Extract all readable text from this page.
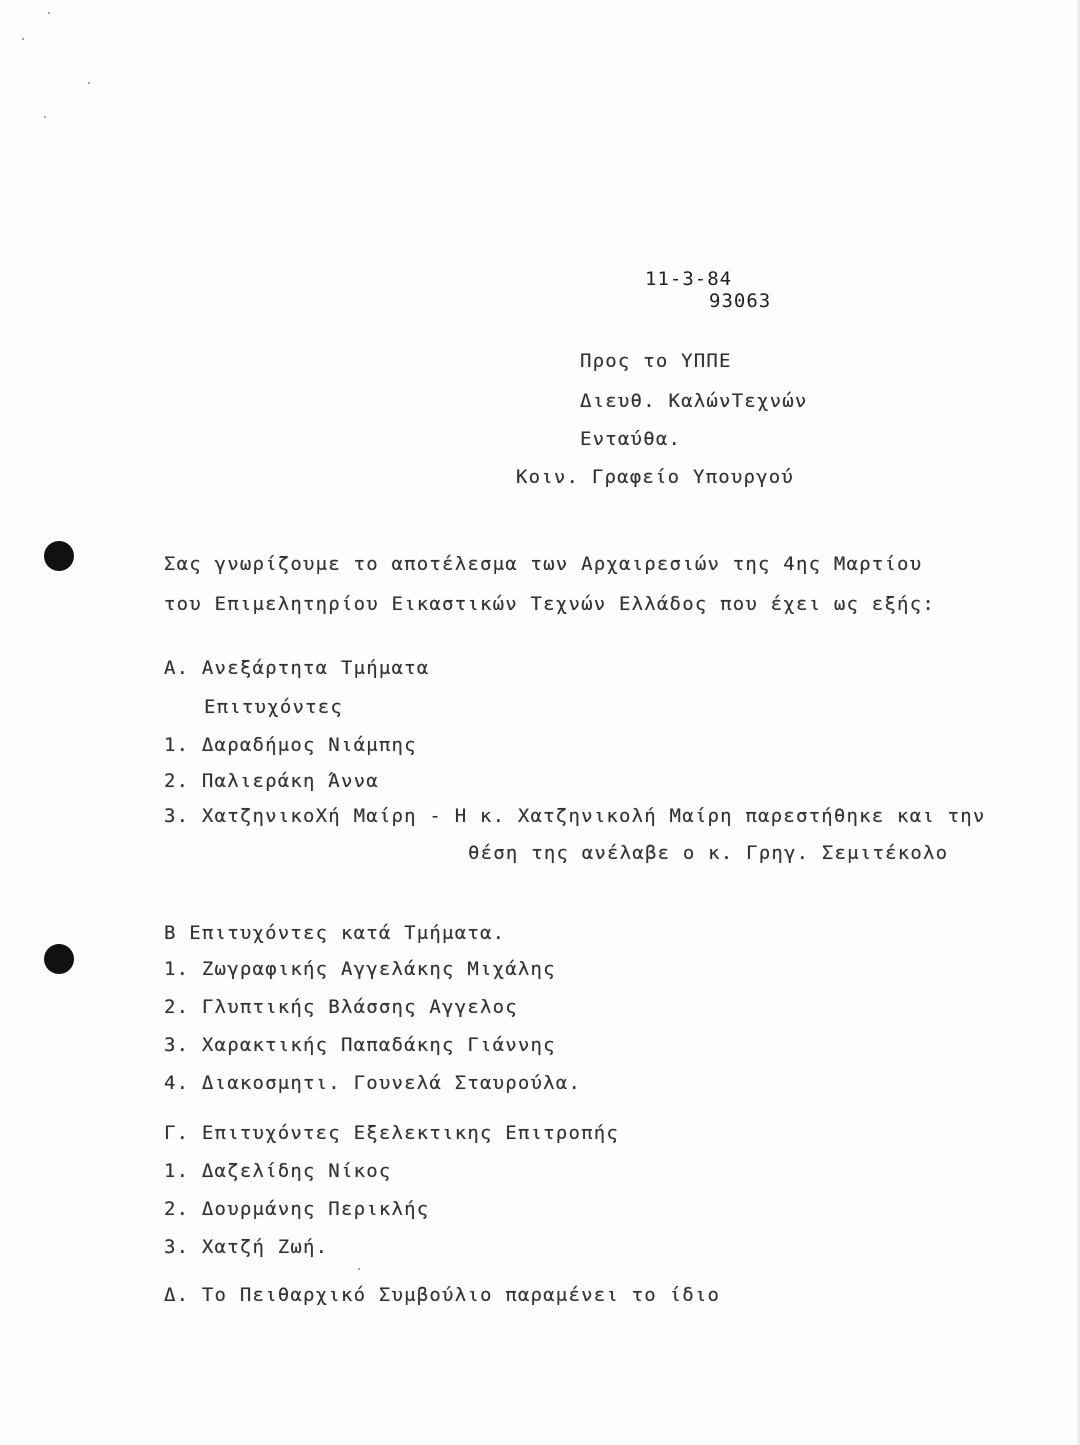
11-3-84
93063
Προς το ΥΠΠΕ
Διευθ. ΚαλώνΤεχνών
Ενταύθα.
Κοιν. Γραφείο Υπουργού
Σας γνωρίζουμε το αποτέλεσμα των Αρχαιρεσιών της 4ης Μαρτίου
του Επιμελητηρίου Εικαστικών Τεχνών Ελλάδος που έχει ως εξής:
Α. Ανεξάρτητα Τμήματα
Επιτυχόντες
1. Δαραδήμος Νιάμπης
2. Παλιεράκη Άννα
3. ΧατζηνικοΧή Μαίρη - Η κ. Χατζηνικολή Μαίρη παρεστήθηκε και την
θέση της ανέλαβε ο κ. Γρηγ. Σεμιτέκολο
Β Επιτυχόντες κατά Τμήματα.
1. Ζωγραφικής Αγγελάκης Μιχάλης
2. Γλυπτικής Βλάσσης Αγγελος
3. Χαρακτικής Παπαδάκης Γιάννης
4. Διακοσμητι. Γουνελά Σταυρούλα.
Γ. Επιτυχόντες Εξελεκτικης Επιτροπής
1. Δαζελίδης Νίκος
2. Δουρμάνης Περικλής
3. Χατζή Ζωή.
Δ. Το Πειθαρχικό Συμβούλιο παραμένει το ίδιο
